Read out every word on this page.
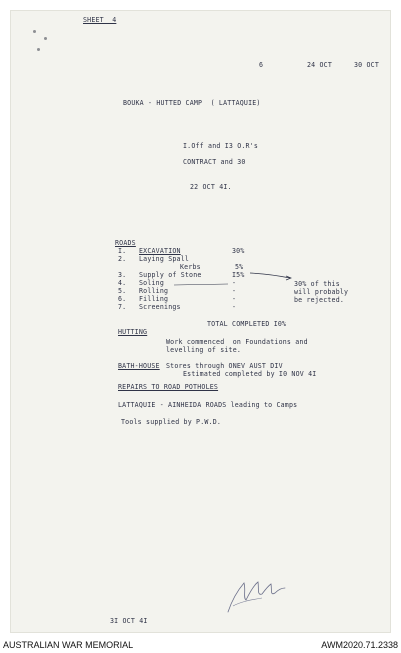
SHEET  4
6	24 OCT	30 OCT
BOUKA - HUTTED CAMP  ( LATTAQUIE)
I.Off and I3 O.R's
CONTRACT and 30
22 OCT 4I.
ROADS
I. EXCAVATION	30%
2. Laying Spall
Kerbs	5%
3. Supply of Stone	I5%
4. Soling	-
5. Rolling	-
6. Filling	-
7. Screenings	-
30% of this
will probably
be rejected.
TOTAL COMPLETED I0%
HUTTING
Work commenced  on Foundations and
levelling of site.
BATH-HOUSE Stores through ONEV AUST DIV
Estimated completed by I0 NOV 4I
REPAIRS TO ROAD POTHOLES
LATTAQUIE - AINHEIDA ROADS leading to Camps
Tools supplied by P.W.D.
3I OCT 4I
AUSTRALIAN WAR MEMORIAL	AWM2020.71.2338
